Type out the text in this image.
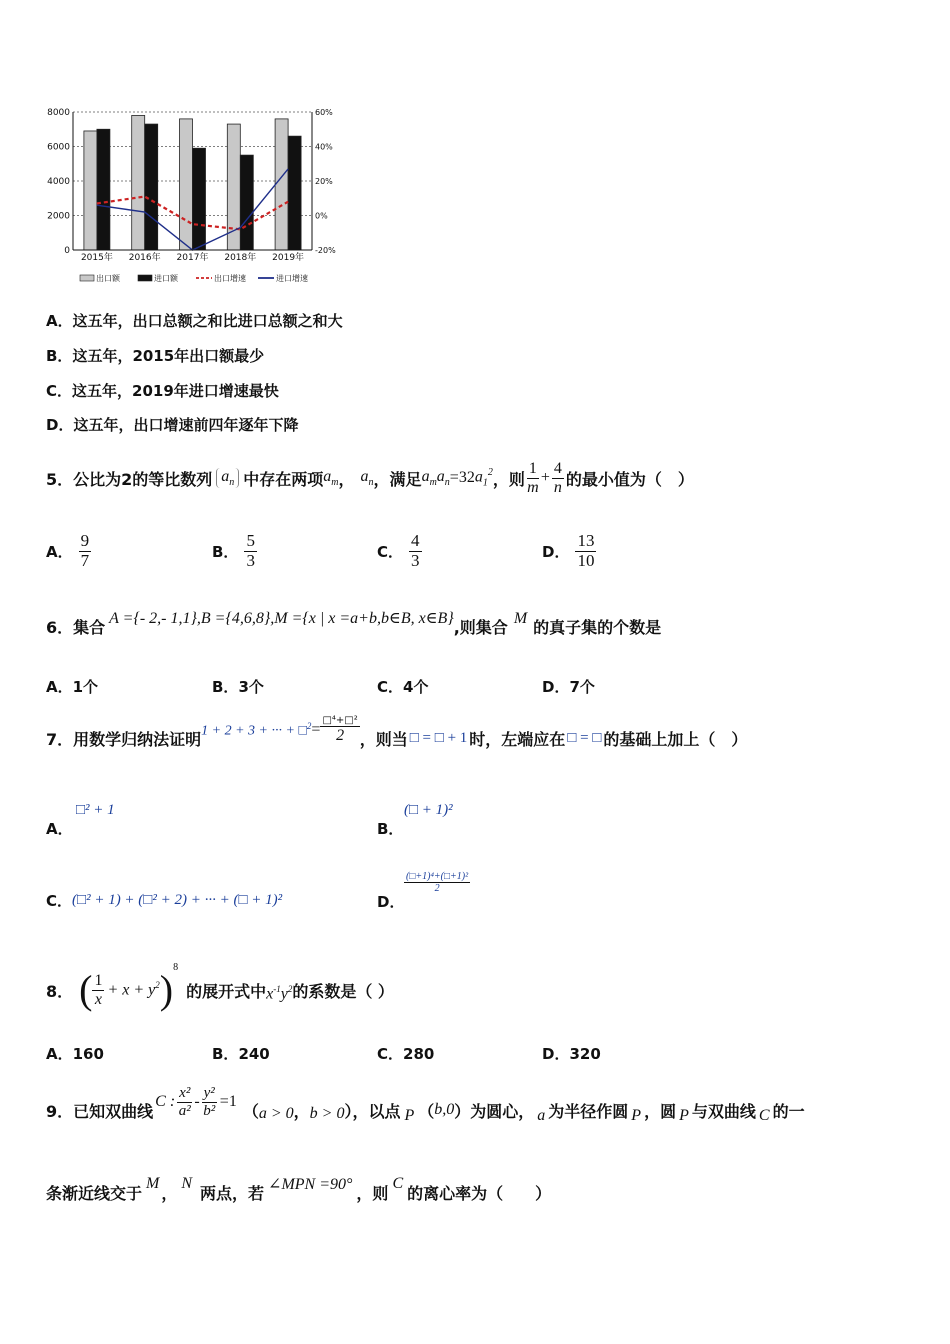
8000
6000
4000
2000
0
60%
40%
20%
0%
-20%
2015年 2016年 2017年 2018年 2019年
出口额	进口额	出口增速	进口增速
A．这五年，出口总额之和比进口总额之和大
B．这五年，2015年出口额最少
C．这五年，2019年进口增速最快
D．这五年，出口增速前四年逐年下降
5． 公比为2的等比数列 $a_n$ 中存在两项 $a_m$ ， $a_n$ ，满足 $a_ma_n =32$ $a_1^2$ ，则
1
m
+ $\frac{4}{n}$ 的最小值为（　）
A．
9
7	B．
5
3	C．
4
3	D．
13
10
6． 集合 A ={- 2,- 1,1},B ={4,6,8},M ={x | x =a+b,b∈B, x∈B} ,则集合 M 的真子集的个数是
A．1个	B．3个	C．4个	D．7个
7． 用数学归纳法证明 1 + 2 + 3 + ··· + □$^2$ =
□⁴+□²
2 ，则当 □ = □ + 1 时，左端应在 □ = □ 的基础上加上（　）
A．
□² + 1
B．
(□ + 1)²
C． (□² + 1) + (□² + 2) + ··· + (□ + 1)²	D．
$\frac{\text{(□+1)⁴+(□+1)²}}{2}$
8． ( 1
x
+ $x + y^2$ )$^8$
的展开式中 $x^{-1}y^2$ 的系数是（ ）
A．160	B．240	C．280	D．320
9． 已知双曲线 C : x²
a²
- $\frac{\text{y²}}{\text{b²}} =1$ （ a > 0 ， b > 0 ），以点 P （ b,0 ）为圆心， a 为半径作圆 P ，圆 P 与双曲线 C 的一
条渐近线交于 M ， N 两点，若 ∠MPN =90° ，则 C 的离心率为（　　）
